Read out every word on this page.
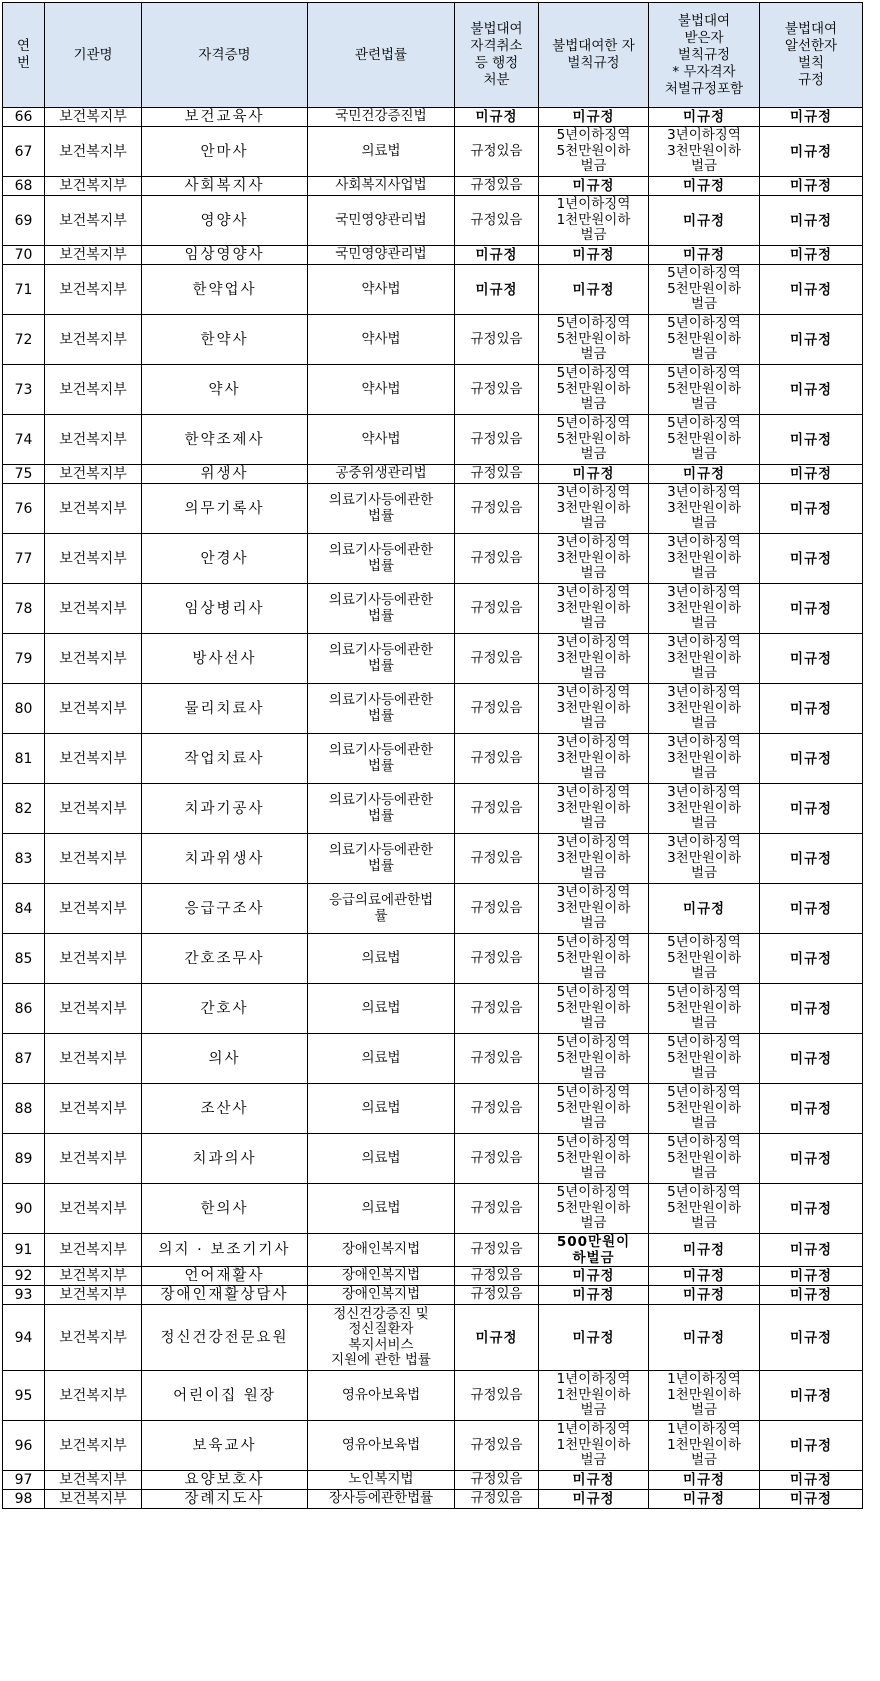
연
번	기관명	자격증명	관련법률	불법대여
자격취소
등 행정
처분	불법대여한 자
벌칙규정	불법대여
받은자
벌칙규정
* 무자격자
처벌규정포함	불법대여
알선한자
벌칙
규정

66	보건복지부	보건교육사	국민건강증진법	미규정	미규정	미규정	미규정

67	보건복지부	안마사	의료법	규정있음	5년이하징역
5천만원이하
벌금	3년이하징역
3천만원이하
벌금	미규정

68	보건복지부	사회복지사	사회복지사업법	규정있음	미규정	미규정	미규정

69	보건복지부	영양사	국민영양관리법	규정있음	1년이하징역
1천만원이하
벌금	미규정	미규정

70	보건복지부	임상영양사	국민영양관리법	미규정	미규정	미규정	미규정

71	보건복지부	한약업사	약사법	미규정	미규정	5년이하징역
5천만원이하
벌금	미규정

72	보건복지부	한약사	약사법	규정있음	5년이하징역
5천만원이하
벌금	5년이하징역
5천만원이하
벌금	미규정

73	보건복지부	약사	약사법	규정있음	5년이하징역
5천만원이하
벌금	5년이하징역
5천만원이하
벌금	미규정

74	보건복지부	한약조제사	약사법	규정있음	5년이하징역
5천만원이하
벌금	5년이하징역
5천만원이하
벌금	미규정

75	보건복지부	위생사	공중위생관리법	규정있음	미규정	미규정	미규정

76	보건복지부	의무기록사	의료기사등에관한
법률	규정있음	3년이하징역
3천만원이하
벌금	3년이하징역
3천만원이하
벌금	미규정

77	보건복지부	안경사	의료기사등에관한
법률	규정있음	3년이하징역
3천만원이하
벌금	3년이하징역
3천만원이하
벌금	미규정

78	보건복지부	임상병리사	의료기사등에관한
법률	규정있음	3년이하징역
3천만원이하
벌금	3년이하징역
3천만원이하
벌금	미규정

79	보건복지부	방사선사	의료기사등에관한
법률	규정있음	3년이하징역
3천만원이하
벌금	3년이하징역
3천만원이하
벌금	미규정

80	보건복지부	물리치료사	의료기사등에관한
법률	규정있음	3년이하징역
3천만원이하
벌금	3년이하징역
3천만원이하
벌금	미규정

81	보건복지부	작업치료사	의료기사등에관한
법률	규정있음	3년이하징역
3천만원이하
벌금	3년이하징역
3천만원이하
벌금	미규정

82	보건복지부	치과기공사	의료기사등에관한
법률	규정있음	3년이하징역
3천만원이하
벌금	3년이하징역
3천만원이하
벌금	미규정

83	보건복지부	치과위생사	의료기사등에관한
법률	규정있음	3년이하징역
3천만원이하
벌금	3년이하징역
3천만원이하
벌금	미규정

84	보건복지부	응급구조사	응급의료에관한법
률	규정있음	3년이하징역
3천만원이하
벌금	미규정	미규정

85	보건복지부	간호조무사	의료법	규정있음	5년이하징역
5천만원이하
벌금	5년이하징역
5천만원이하
벌금	미규정

86	보건복지부	간호사	의료법	규정있음	5년이하징역
5천만원이하
벌금	5년이하징역
5천만원이하
벌금	미규정

87	보건복지부	의사	의료법	규정있음	5년이하징역
5천만원이하
벌금	5년이하징역
5천만원이하
벌금	미규정

88	보건복지부	조산사	의료법	규정있음	5년이하징역
5천만원이하
벌금	5년이하징역
5천만원이하
벌금	미규정

89	보건복지부	치과의사	의료법	규정있음	5년이하징역
5천만원이하
벌금	5년이하징역
5천만원이하
벌금	미규정

90	보건복지부	한의사	의료법	규정있음	5년이하징역
5천만원이하
벌금	5년이하징역
5천만원이하
벌금	미규정

91	보건복지부	의지 · 보조기기사	장애인복지법	규정있음	500만원이
하벌금	미규정	미규정

92	보건복지부	언어재활사	장애인복지법	규정있음	미규정	미규정	미규정

93	보건복지부	장애인재활상담사	장애인복지법	규정있음	미규정	미규정	미규정

94	보건복지부	정신건강전문요원	정신건강증진 및
정신질환자
복지서비스
지원에 관한 법률	미규정	미규정	미규정	미규정

95	보건복지부	어린이집 원장	영유아보육법	규정있음	1년이하징역
1천만원이하
벌금	1년이하징역
1천만원이하
벌금	미규정

96	보건복지부	보육교사	영유아보육법	규정있음	1년이하징역
1천만원이하
벌금	1년이하징역
1천만원이하
벌금	미규정

97	보건복지부	요양보호사	노인복지법	규정있음	미규정	미규정	미규정

98	보건복지부	장례지도사	장사등에관한법률	규정있음	미규정	미규정	미규정
